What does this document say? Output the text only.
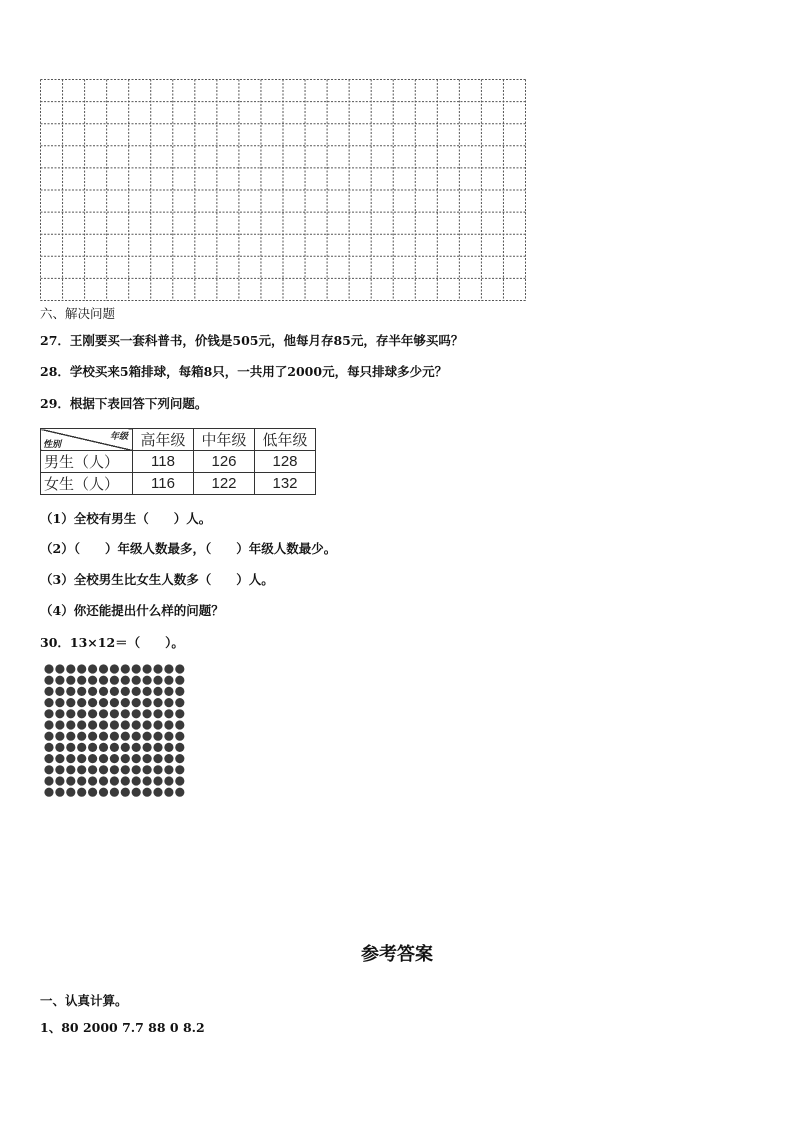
六、解决问题
27．王刚要买一套科普书，价钱是505元，他每月存85元，存半年够买吗？
28．学校买来5箱排球，每箱8只，一共用了2000元，每只排球多少元？
29．根据下表回答下列问题。
年级
性别	高年级	中年级	低年级
男生（人）	118	126	128
女生（人）	116	122	132
（1）全校有男生（　　）人。
（2）（　　）年级人数最多，（　　）年级人数最少。
（3）全校男生比女生人数多（　　）人。
（4）你还能提出什么样的问题？
30．13×12＝（　　）。
参考答案
一、认真计算。
1、80 2000 7.7 88 0 8.2
